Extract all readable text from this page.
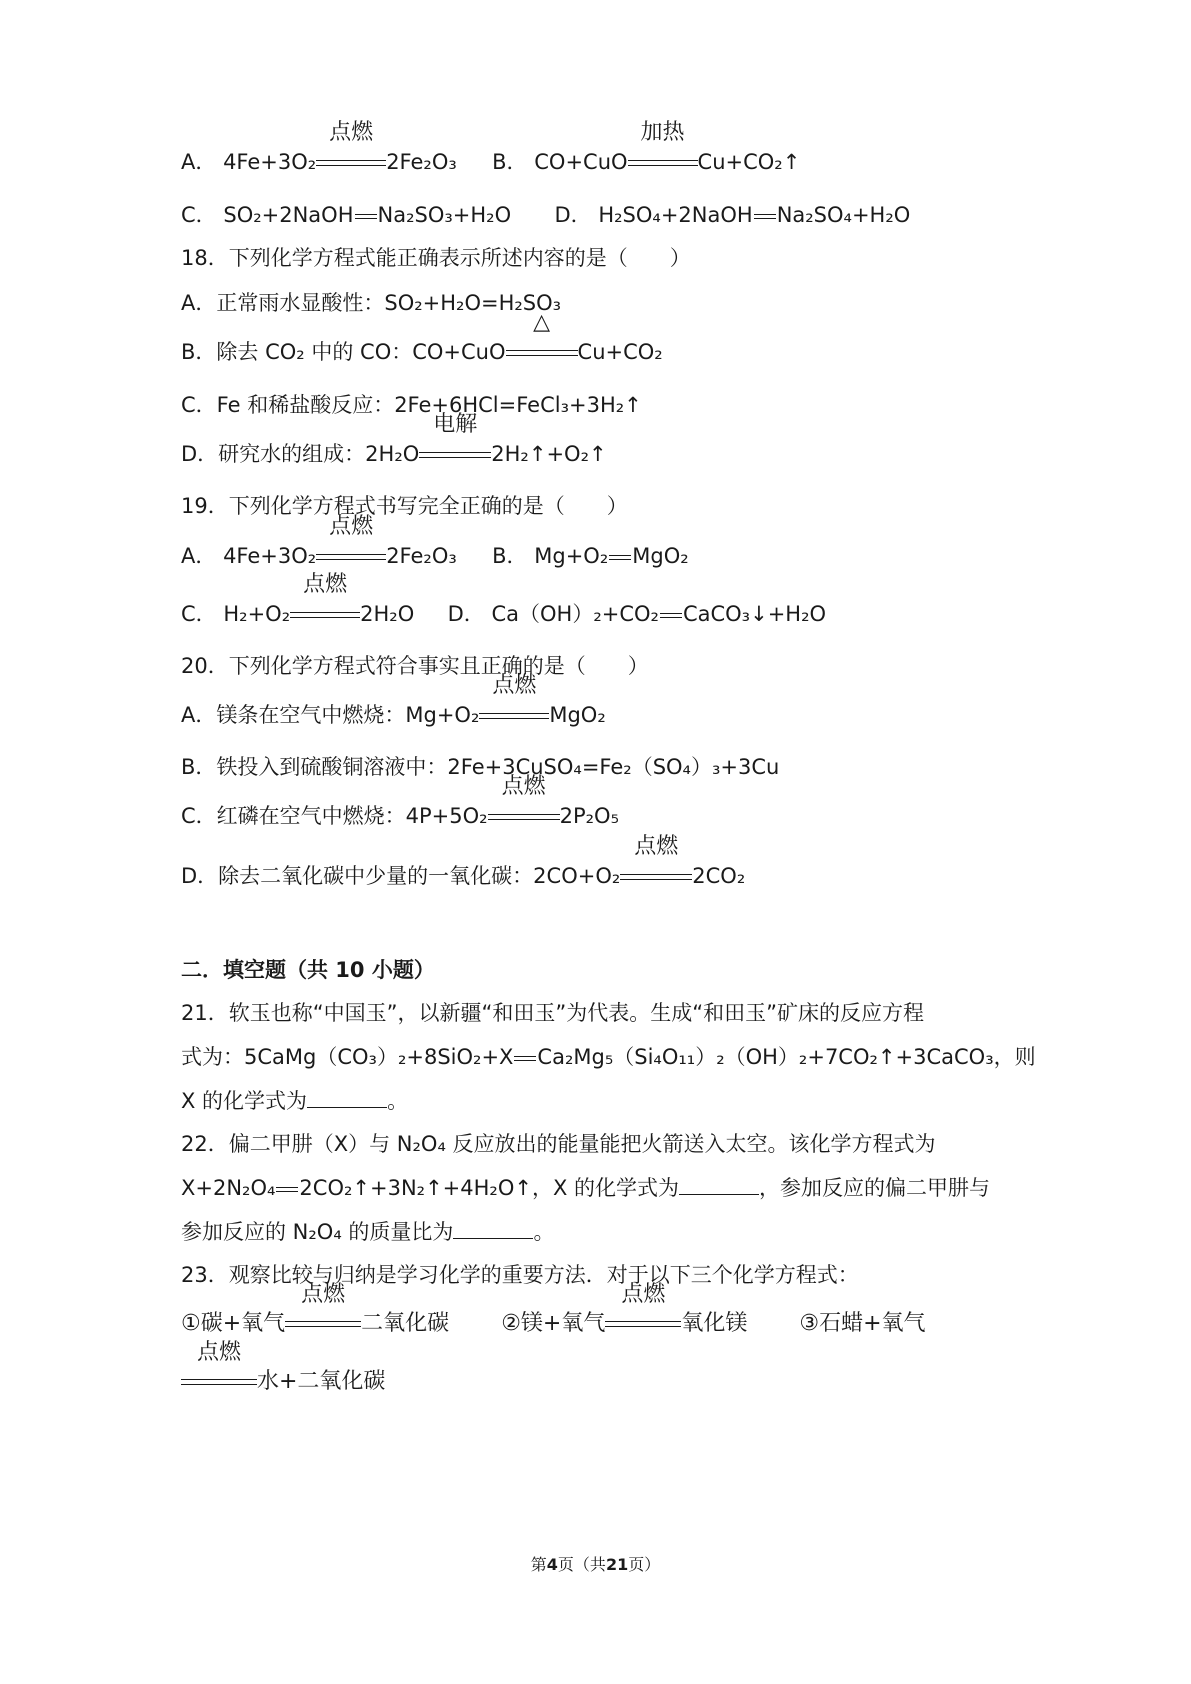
A． 4Fe+3O₂
点燃
2Fe₂O₃ B． CO+CuO
加热
Cu+CO₂↑
C． SO₂+2NaOH Na₂SO₃+H₂O D． H₂SO₄+2NaOH Na₂SO₄+H₂O
18．下列化学方程式能正确表示所述内容的是（　　）
A．正常雨水显酸性：SO₂+H₂O=H₂SO₃
B．除去 CO₂ 中的 CO：CO+CuO
△
Cu+CO₂
C．Fe 和稀盐酸反应：2Fe+6HCl=FeCl₃+3H₂↑
D．研究水的组成：2H₂O
电解
2H₂↑+O₂↑
19．下列化学方程式书写完全正确的是（　　）
A． 4Fe+3O₂
点燃
2Fe₂O₃ B． Mg+O₂ MgO₂
C． H₂+O₂
点燃
2H₂O D． Ca（OH）₂+CO₂ CaCO₃↓+H₂O
20．下列化学方程式符合事实且正确的是（　　）
A．镁条在空气中燃烧：Mg+O₂
点燃
MgO₂
B．铁投入到硫酸铜溶液中：2Fe+3CuSO₄=Fe₂（SO₄）₃+3Cu
C．红磷在空气中燃烧：4P+5O₂
点燃
2P₂O₅
D．除去二氧化碳中少量的一氧化碳：2CO+O₂
点燃
2CO₂
二．填空题（共 10 小题）
21．软玉也称“中国玉”，以新疆“和田玉”为代表。生成“和田玉”矿床的反应方程
式为：5CaMg（CO₃）₂+8SiO₂+X Ca₂Mg₅（Si₄O₁₁）₂（OH）₂+7CO₂↑+3CaCO₃，则
X 的化学式为	。
22．偏二甲肼（X）与 N₂O₄ 反应放出的能量能把火箭送入太空。该化学方程式为
X+2N₂O₄ 2CO₂↑+3N₂↑+4H₂O↑，X 的化学式为	，参加反应的偏二甲肼与
参加反应的 N₂O₄ 的质量比为	。
23．观察比较与归纳是学习化学的重要方法．对于以下三个化学方程式：
①碳+氧气
点燃
二氧化碳 ②镁+氧气
点燃
氧化镁 ③石蜡+氧气
点燃
水+二氧化碳
第4页（共21页）
